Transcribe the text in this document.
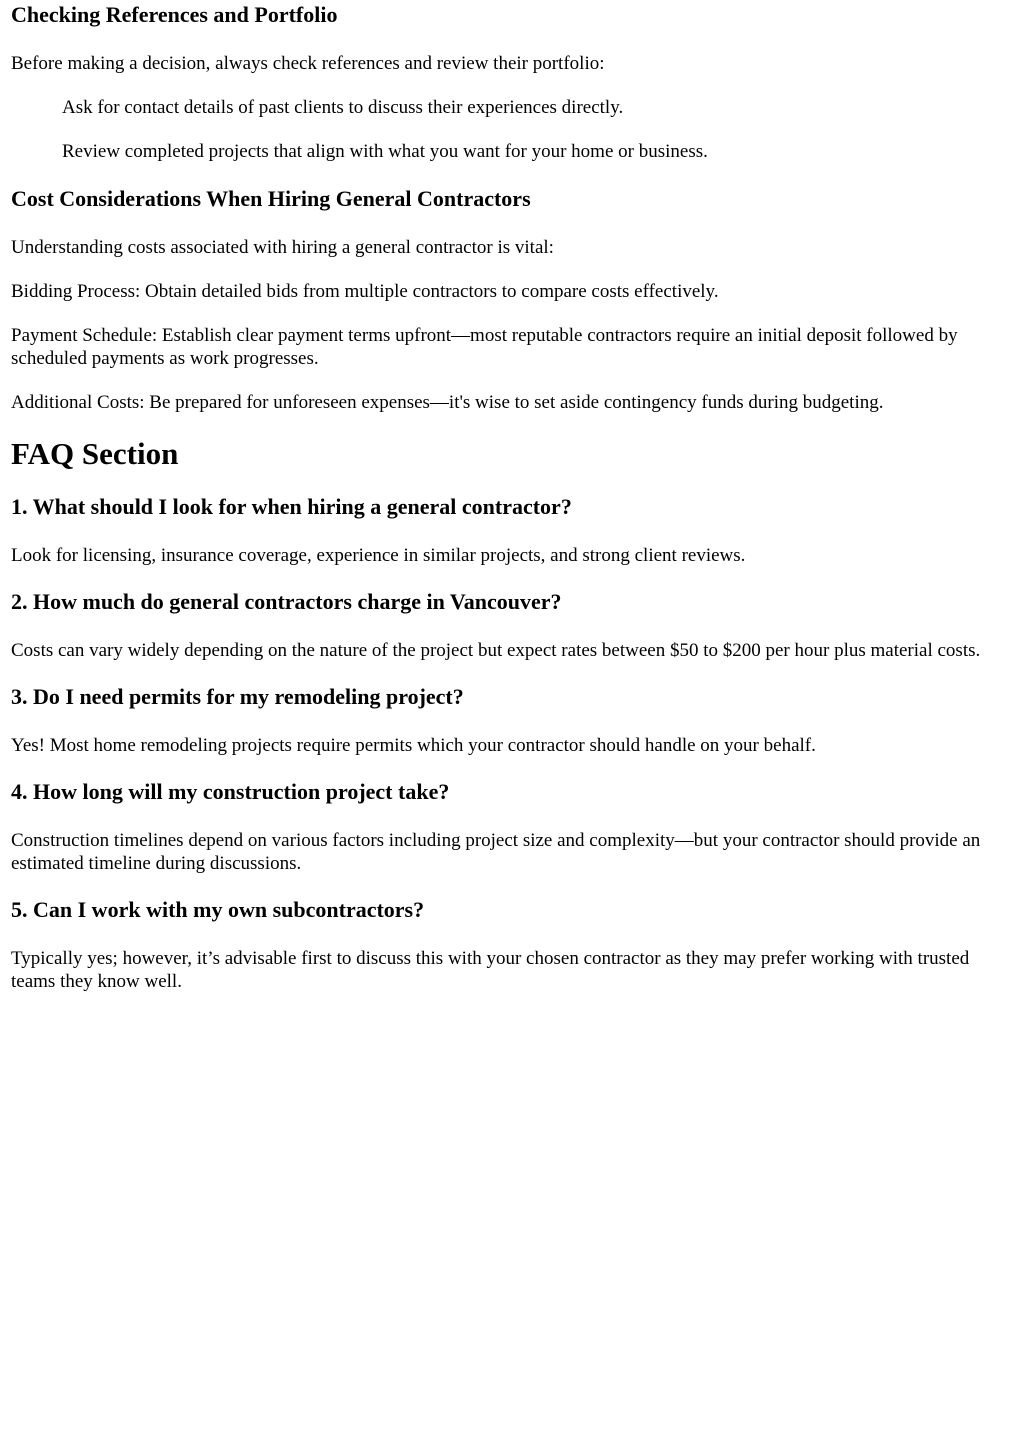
Checking References and Portfolio

Before making a decision, always check references and review their portfolio:

Ask for contact details of past clients to discuss their experiences directly.

Review completed projects that align with what you want for your home or business.

Cost Considerations When Hiring General Contractors

Understanding costs associated with hiring a general contractor is vital:

Bidding Process: Obtain detailed bids from multiple contractors to compare costs effectively.

Payment Schedule: Establish clear payment terms upfront—most reputable contractors require an initial deposit followed by scheduled payments as work progresses.

Additional Costs: Be prepared for unforeseen expenses—it's wise to set aside contingency funds during budgeting.

FAQ Section
1. What should I look for when hiring a general contractor?

Look for licensing, insurance coverage, experience in similar projects, and strong client reviews.

2. How much do general contractors charge in Vancouver?

Costs can vary widely depending on the nature of the project but expect rates between $50 to $200 per hour plus material costs.

3. Do I need permits for my remodeling project?

Yes! Most home remodeling projects require permits which your contractor should handle on your behalf.

4. How long will my construction project take?

Construction timelines depend on various factors including project size and complexity—but your contractor should provide an estimated timeline during discussions.

5. Can I work with my own subcontractors?

Typically yes; however, it’s advisable first to discuss this with your chosen contractor as they may prefer working with trusted teams they know well.
